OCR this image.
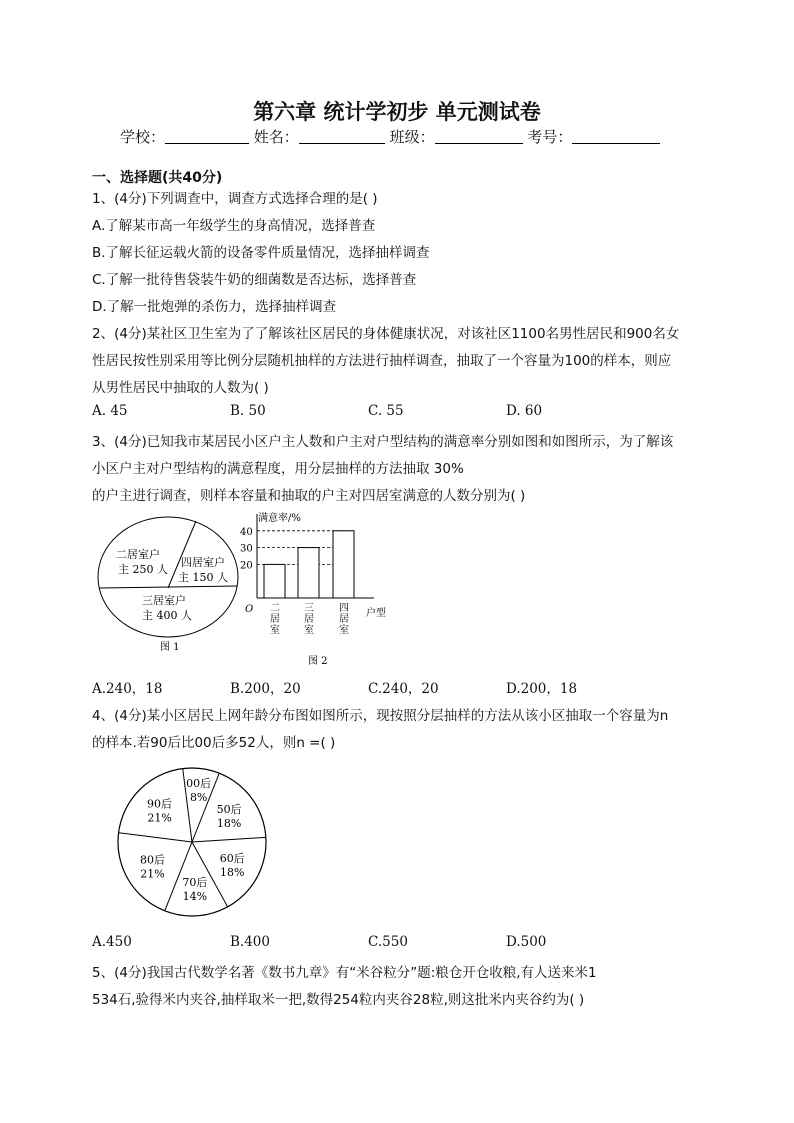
第六章 统计学初步 单元测试卷
学校：	姓名：	班级：	考号：
一、选择题(共40分)
1、(4分)下列调查中，调查方式选择合理的是( )
A.了解某市高一年级学生的身高情况，选择普查
B.了解长征运载火箭的设备零件质量情况，选择抽样调查
C.了解一批待售袋装牛奶的细菌数是否达标，选择普查
D.了解一批炮弹的杀伤力，选择抽样调查
2、(4分)某社区卫生室为了了解该社区居民的身体健康状况，对该社区1100名男性居民和900名女
性居民按性别采用等比例分层随机抽样的方法进行抽样调查，抽取了一个容量为100的样本，则应
从男性居民中抽取的人数为( )
A. 45	B. 50	C. 55	D. 60
3、(4分)已知我市某居民小区户主人数和户主对户型结构的满意率分别如图和如图所示，为了解该
小区户主对户型结构的满意程度，用分层抽样的方法抽取 30%
的户主进行调查，则样本容量和抽取的户主对四居室满意的人数分别为( )
二居室户
主 250 人
四居室户
主 150 人
三居室户
主 400 人
图 1
满意率/%
户型
O
图 2
20
30
40
二
居
室
三
居
室
四
居
室
A.240，18	B.200，20	C.240，20	D.200，18
4、(4分)某小区居民上网年龄分布图如图所示，现按照分层抽样的方法从该小区抽取一个容量为n
的样本.若90后比00后多52人，则n =( )
00后
8%
50后
18%
60后
18%
70后
14%
80后
21%
90后
21%
A.450	B.400	C.550	D.500
5、(4分)我国古代数学名著《数书九章》有“米谷粒分”题:粮仓开仓收粮,有人送来米1
534石,验得米内夹谷,抽样取米一把,数得254粒内夹谷28粒,则这批米内夹谷约为( )
